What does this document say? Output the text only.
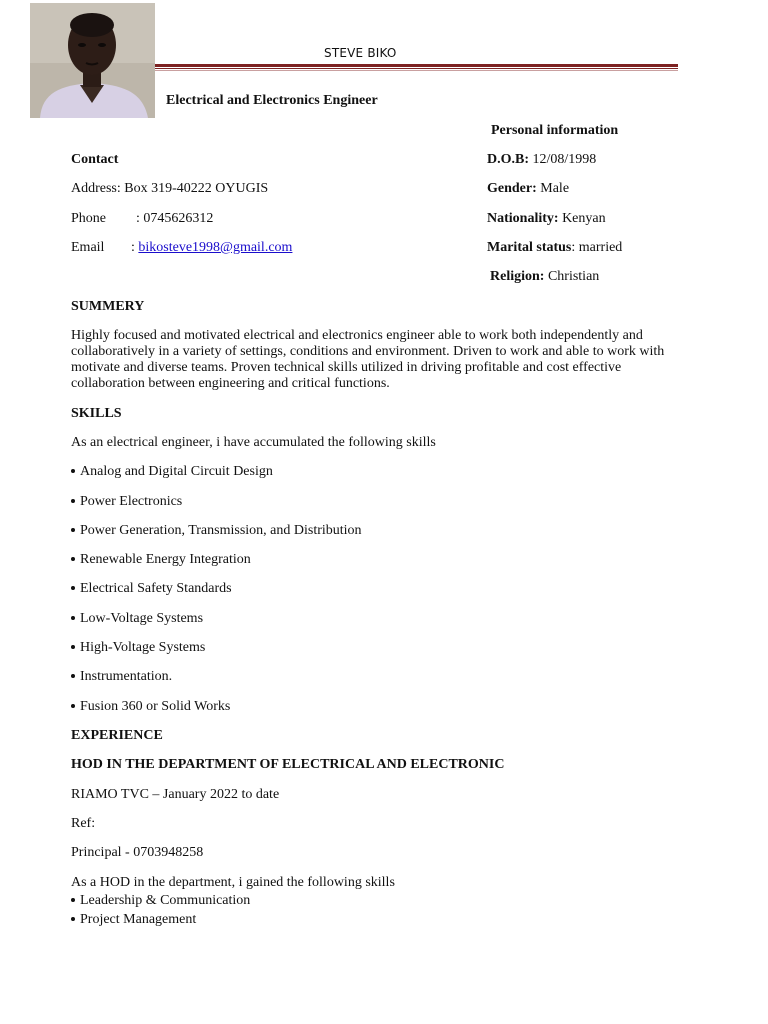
STEVE BIKO
Electrical and Electronics Engineer
Personal information
D.O.B: 12/08/1998
Gender: Male
Nationality: Kenyan
Marital status: married
Religion: Christian
Contact
Address: Box 319-40222 OYUGIS
Phone : 0745626312
Email : bikosteve1998@gmail.com
SUMMERY
Highly focused and motivated electrical and electronics engineer able to work both independently and
collaboratively in a variety of settings, conditions and environment. Driven to work and able to work with
motivate and diverse teams. Proven technical skills utilized in driving profitable and cost effective
collaboration between engineering and critical functions.
SKILLS
As an electrical engineer, i have accumulated the following skills
Analog and Digital Circuit Design
Power Electronics
Power Generation, Transmission, and Distribution
Renewable Energy Integration
Electrical Safety Standards
Low-Voltage Systems
High-Voltage Systems
Instrumentation.
Fusion 360 or Solid Works
EXPERIENCE
HOD IN THE DEPARTMENT OF ELECTRICAL AND ELECTRONIC
RIAMO TVC – January 2022 to date
Ref:
Principal - 0703948258
As a HOD in the department, i gained the following skills
Leadership & Communication
Project Management
